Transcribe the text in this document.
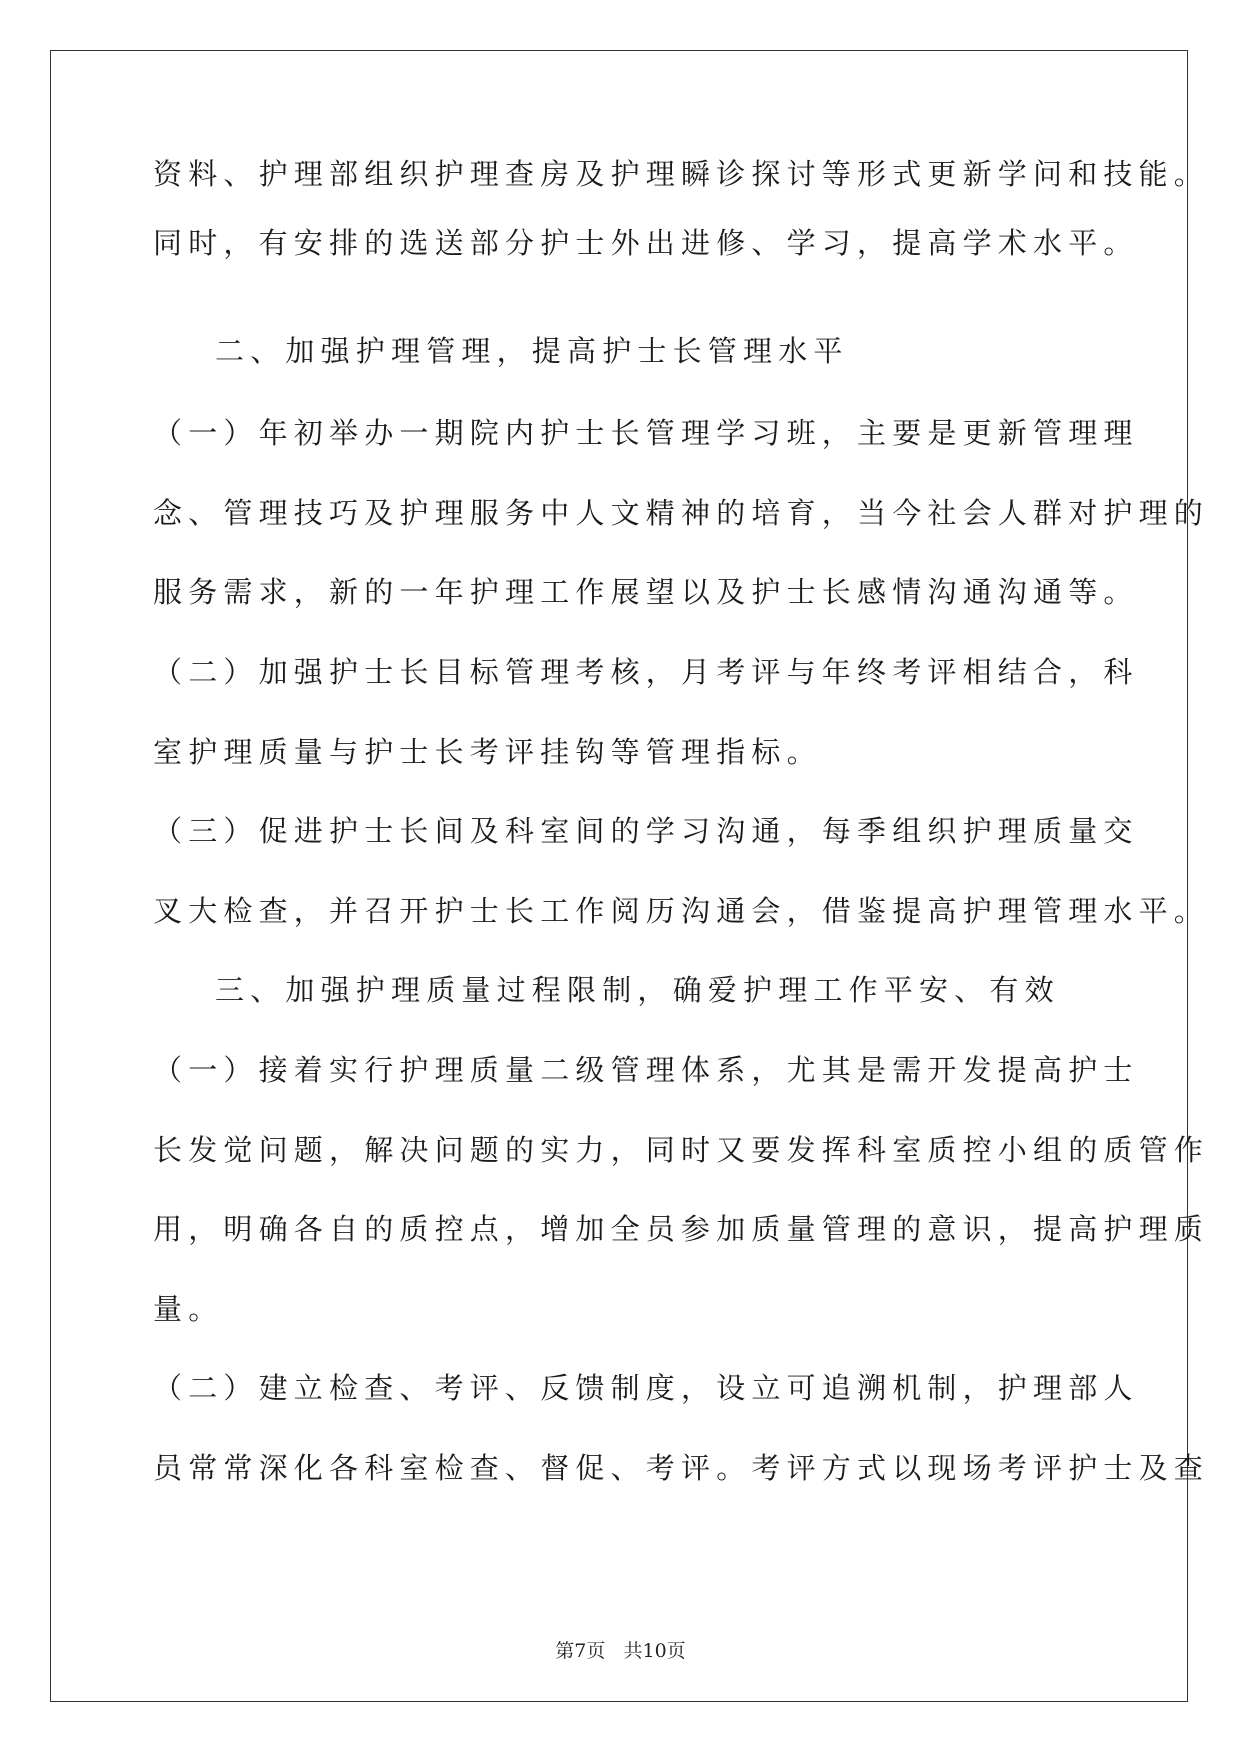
资料、护理部组织护理查房及护理瞬诊探讨等形式更新学问和技能。
同时，有安排的选送部分护士外出进修、学习，提高学术水平。
二、加强护理管理，提高护士长管理水平
（一）年初举办一期院内护士长管理学习班，主要是更新管理理
念、管理技巧及护理服务中人文精神的培育，当今社会人群对护理的
服务需求，新的一年护理工作展望以及护士长感情沟通沟通等。
（二）加强护士长目标管理考核，月考评与年终考评相结合，科
室护理质量与护士长考评挂钩等管理指标。
（三）促进护士长间及科室间的学习沟通，每季组织护理质量交
叉大检查，并召开护士长工作阅历沟通会，借鉴提高护理管理水平。
三、加强护理质量过程限制，确爱护理工作平安、有效
（一）接着实行护理质量二级管理体系，尤其是需开发提高护士
长发觉问题，解决问题的实力，同时又要发挥科室质控小组的质管作
用，明确各自的质控点，增加全员参加质量管理的意识，提高护理质
量。
（二）建立检查、考评、反馈制度，设立可追溯机制，护理部人
员常常深化各科室检查、督促、考评。考评方式以现场考评护士及查
第7页   共10页
